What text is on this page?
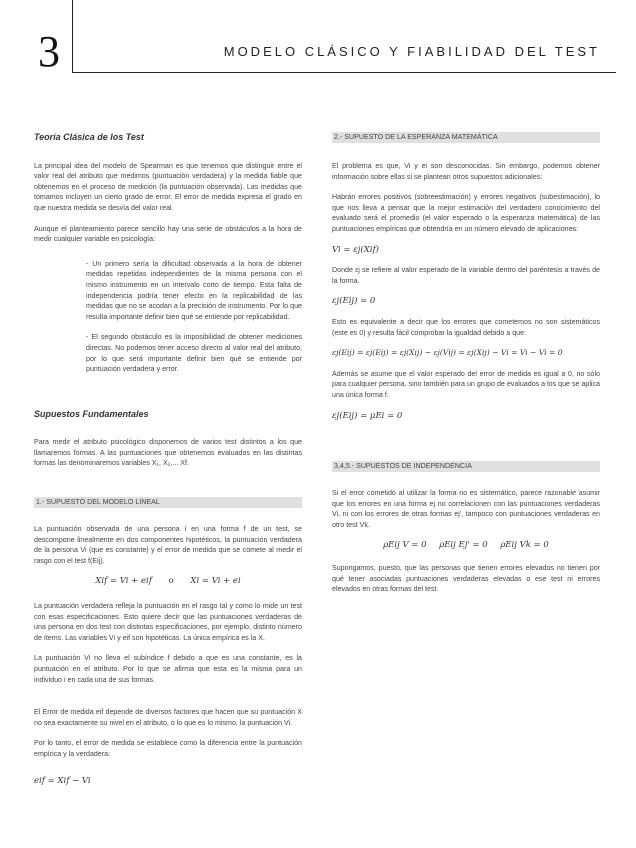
3	MODELO CLÁSICO Y FIABILIDAD DEL TEST

Teoría Clásica de los Test

La principal idea del modelo de Spearman es que tenemos que distinguir entre el valor real del atributo que medimos (puntuación verdadera) y la medida fiable que obtenemos en el proceso de medición (la puntuación observada). Las medidas que tomamos incluyen un cierto grado de error. El error de medida expresa el grado en que nuestra medida se desvía del valor real.

Aunque el planteamiento parece sencillo hay una serie de obstáculos a la hora de medir cualquier variable en psicología:

- Un primero sería la dificultad observada a la hora de obtener medidas repetidas independientes de la misma persona con el mismo instrumento en un intervalo corto de tiempo. Esta falta de independencia podría tener efecto en la replicabilidad de las medidas que no se acodan a la precisión de instrumento. Por lo que resulta importante definir bien qué se entiende por replicabilidad.

- El segundo obstáculo es la imposibilidad de obtener mediciones directas. No podemos tener acceso directo al valor real del atributo, por lo que será importante definir bien qué se entiende por puntuación verdadera y error.

Supuestos Fundamentales

Para medir el atributo psicológico disponemos de varios test distintos a los que llamaremos formas. A las puntuaciones que obtenemos evaluados en las distintas formas las denominaremos variables X₁, X₂,... Xf.

1.- SUPUESTO DEL MODELO LINEAL

La puntuación observada de una persona i en una forma f de un test, se descompone linealmente en dos componentes hipotéticos, la puntuación verdadera de la persona Vi (que es constante) y el error de medida que se comete al medir el rasgo con el test f(Eij).

Xif = Vi + eif o Xi = Vi + ei

La puntuación verdadera refleja la puntuación en el rasgo tal y como lo mide un test con esas especificaciones. Esto quiere decir que las puntuaciones verdaderas de una persona en dos test con distintas especificaciones, por ejemplo, distinto número de ítems. Las variables Vi y eif son hipotéticas. La única empírica es la X.

La puntuación Vi no lleva el subíndice f debido a que es una constante, es la puntuación en el atributo. Por lo que se afirma que esta es la misma para un individuo i en cada una de sus formas.

El Error de medida eif depende de diversos factores que hacen que su puntuación X no sea exactamente su nivel en el atributo, o lo que es lo mismo, la puntuación Vi.

Por lo tanto, el error de medida se establece como la diferencia entre la puntuación empírica y la verdadera:

eif = Xif − Vi

2.- SUPUESTO DE LA ESPERANZA MATEMÁTICA

El problema es que, Vi y ei son desconocidas. Sin embargo, podemos obtener información sobre ellas si se plantean otros supuestos adicionales:

Habrán errores positivos (sobreestimación) y errores negativos (subestimación), lo que nos lleva a pensar que la mejor estimación del verdadero conocimiento del evaluado será el promedio (el valor esperado o la esperanza matemática) de las puntuaciones empíricas que obtendría en un número elevado de aplicaciones:

Vi = εj(Xif)

Donde εj se refiere al valor esperado de la variable dentro del paréntesis a través de la forma.

εj(Eij) = 0

Esto es equivalente a decir que los errores que cometemos no son sistemáticos (este es 0) y resulta fácil comprobar la igualdad debido a que:

εj(Eij) = εj(Eij) = εj(Xij) − εj(Vij) = εj(Xij) − Vi = Vi − Vi = 0

Además se asume que el valor esperado del error de medida es igual a 0, no sólo para cualquier persona, sino también para un grupo de evaluados a los que se aplica una única forma f.

εj(Eij) = μEi = 0

3,4,5.- SUPUESTOS DE INDEPENDENCIA

Si el error cometido al utilizar la forma no es sistemático, parece razonable asumir que los errores en una forma ej no correlacionen con las puntuaciones verdaderas Vi, ni con los errores de otras formas ej', tampoco con puntuaciones verdaderas en otro test Vk.

ρEij V = 0 ρEij Ej' = 0 ρEij Vk = 0

Supongamos, puesto, que las personas que tienen errores elevados no tienen por qué tener asociadas puntuaciones verdaderas elevadas o ese test ni errores elevados en otras formas del test.
